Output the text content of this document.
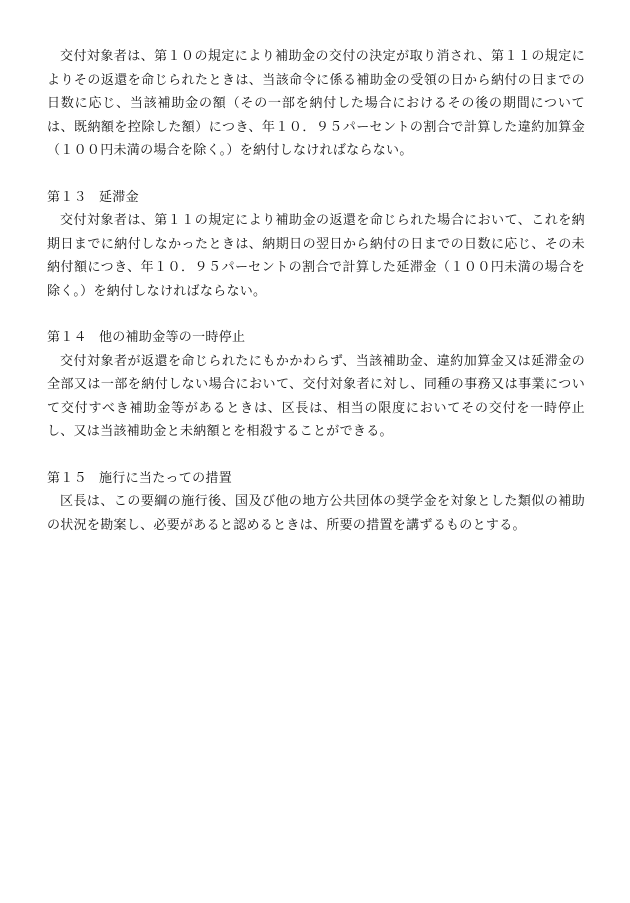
交付対象者は、第１０の規定により補助金の交付の決定が取り消され、第１１の規定によりその返還を命じられたときは、当該命令に係る補助金の受領の日から納付の日までの日数に応じ、当該補助金の額（その一部を納付した場合におけるその後の期間については、既納額を控除した額）につき、年１０．９５パーセントの割合で計算した違約加算金（１００円未満の場合を除く。）を納付しなければならない。

第１３ 延滞金

交付対象者は、第１１の規定により補助金の返還を命じられた場合において、これを納期日までに納付しなかったときは、納期日の翌日から納付の日までの日数に応じ、その未納付額につき、年１０．９５パーセントの割合で計算した延滞金（１００円未満の場合を除く。）を納付しなければならない。

第１４ 他の補助金等の一時停止

交付対象者が返還を命じられたにもかかわらず、当該補助金、違約加算金又は延滞金の全部又は一部を納付しない場合において、交付対象者に対し、同種の事務又は事業について交付すべき補助金等があるときは、区長は、相当の限度においてその交付を一時停止し、又は当該補助金と未納額とを相殺することができる。

第１５ 施行に当たっての措置

区長は、この要綱の施行後、国及び他の地方公共団体の奨学金を対象とした類似の補助の状況を勘案し、必要があると認めるときは、所要の措置を講ずるものとする。
